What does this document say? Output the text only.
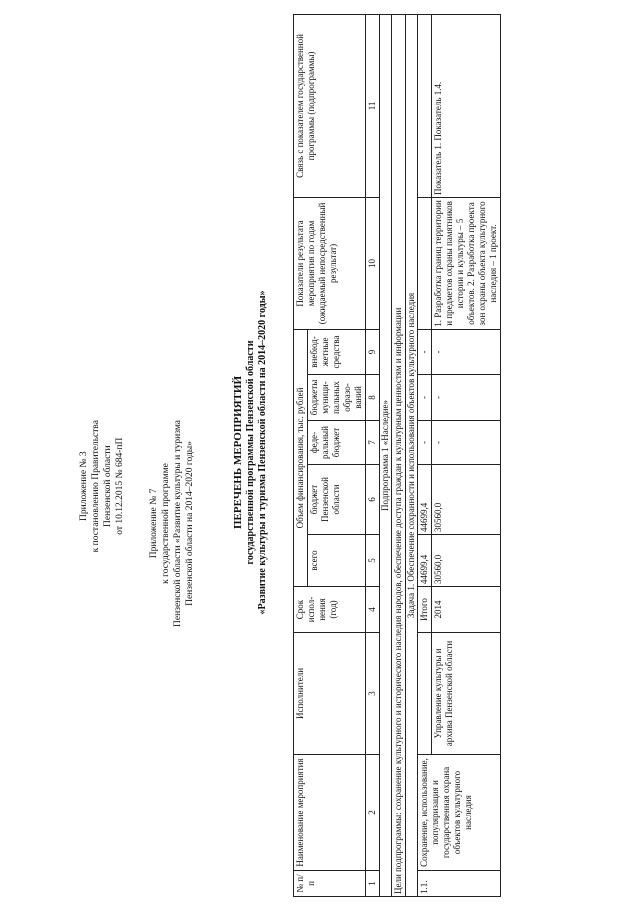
Приложение № 3 к постановлению Правительства Пензенской области от 10.12.2015 № 684-пП	Приложение № 7 к государственной программе Пензенской области «Развитие культуры и туризма Пензенской области на 2014–2020 годы»	ПЕРЕЧЕНЬ МЕРОПРИЯТИЙ государственной программы Пензенской области «Развитие культуры и туризма Пензенской области на 2014–2020 годы»
№ п/п	Наименование мероприятия	Исполнители	Срок испол-нения (год)	Объем финансирования, тыс. рублей					Показатели результата мероприятия по годам (ожидаемый непосредственный результат)	Связь с показателем государственной программы (подпрограммы)
				всего	бюджет Пензенской области	феде-ральный бюджет	бюджеты муници-пальных образо-ваний	внебюд-жетные средства		
1	2	3	4	5	6	7	8	9	10	11
Подпрограмма 1 «Наследие»										
Цели подпрограммы: сохранение культурного и исторического наследия народов, обеспечение доступа граждан к культурным ценностям и информации										
Задача 1. Обеспечение сохранности и использования объектов культурного наследия										
1.1.	Сохранение, использование, популяризация и государственная охрана объектов культурного наследия		Итого	44699,4	44699,4	-	-	-		
		Управление культуры и архива Пензенской области	2014	30560,0	30560,0	-	-	-	1. Разработка границ территории и предметов охраны памятников истории и культуры – 5 объектов. 2. Разработка проекта зон охраны объекта культурного наследия – 1 проект.	Показатель 1. Показатель 1.4.
